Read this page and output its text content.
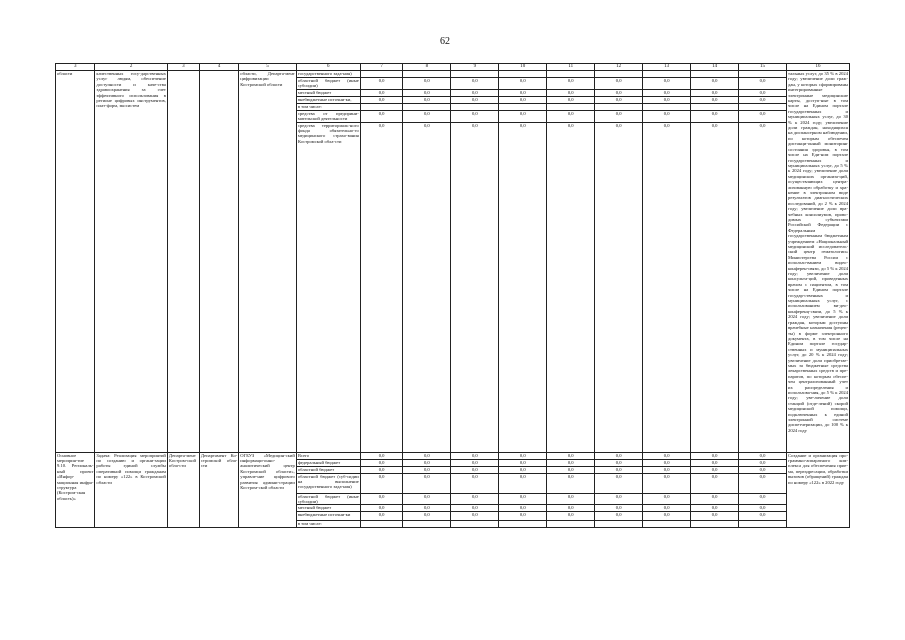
62
3	2	3	4	5	6	7	8	9	10	11	12	13	14	15	16
области	качественных госу-дарственных услуг людям, обеспечение доступности и каче-ства здравоохранения за счет эффективного использования в регионе цифровых инструментов, плат-форм, экосистем			области, Департа-мент цифровизации Костромской области	государственного зада-ния)										тальных услуг, до 35 % в 2024 году; увеличение доли граж-дан, у которых сформированы интегрированные электронные медицинские карты, доступ-ные в том числе на Едином портале государственных и муниципальных услуг, до 30 % к 2024 году; увеличение доли граждан, находящихся на диспансерном наблюдении, по которым обеспечен дистанци-онный мониторинг состояния здоровья, в том числе на Еди-ном портале государственных и муниципальных услуг, до 5 % к 2024 году; увеличение доли медицинских организа-ций, осуществляющих центра-лизованную обработку и хра-нение в электронном виде результатов диагностических исследований, до 2 % к 2024 году; увеличение доли вра-чебных консилиумов, прово-димых субъектами Российской Федерации с Федеральным государственным бюджетным учреждением «Национальный медицинский исследователь-ский центр гематологии» Министерства России с использо-ванием видео-конферен-связи, до 5 % к 2024 году; увеличение доли консульта-ций, проведенных врачом с пациентом, в том числе на Едином портале государ-ственных и муниципальных услуг, с использованием ви-део-конференц-связи, до 5 % к 2024 году; увеличение доли граждан, которым доступны врачебные назначения (рецеп-ты) в форме электронного документа, в том числе на Едином портале государ-ственных и муниципальных услуг, до 20 % к 2024 году; увеличение доли приобретае-мых за бюджетные средства лекарственных средств и пре-паратов, по которым обеспе-чен централизованный учет их распределения и использова-ния, до 5 % к 2024 году; уве-личение доли станций (отде-лений) скорой медицинской помощи, подключенных к единой электронной системе диспетчеризации, до 100 % к 2024 году
					областной бюджет (иные субсидии)	0,0	0,0	0,0	0,0	0,0	0,0	0,0	0,0	0,0	
					местный бюджет	0,0	0,0	0,0	0,0	0,0	0,0	0,0	0,0	0,0	
					внебюджетные источни-ки,	0,0	0,0	0,0	0,0	0,0	0,0	0,0	0,0	0,0	
					в том числе:										
					средства от предприни-мательской деятельности	0,0	0,0	0,0	0,0	0,0	0,0	0,0	0,0	0,0	
					средства территориаль-ного фонда обязательно-го медицинского страхо-вания Костромской обла-сти	0,0	0,0	0,0	0,0	0,0	0,0	0,0	0,0	0,0	
Основное мероприя-тие 9.10. Региональ-ный проект «Инфор-мационная инфра-структура (Костром-ская область)»	Задача: Реализация мероприятий по созданию и органи-зации работы единой службы оперативной помощи гражданам по номеру «122» в Костромской области	Департа-мент Костром-ской обла-сти	Департамент Ко-стромской обла-сти	ОГБУЗ «Медицин-ский информаци-онно-аналитический центр Костромской области», управле-ние цифрового развития админи-страции Костром-ской области	Всего	0,0	0,0	0,0	0,0	0,0	0,0	0,0	0,0	0,0	Создание и организация про-граммно-аппаратного ком-плекса для обеспечения прие-ма, переадресации, обработки вызовов (обращений) граждан по номеру «122» в 2022 году
					федеральный бюджет	0,0	0,0	0,0	0,0	0,0	0,0	0,0	0,0	0,0	
					областной бюджет	0,0	0,0	0,0	0,0	0,0	0,0	0,0	0,0	0,0	
					областной бюджет (суб-сидии на выполнение государственного зада-ния)	0,0	0,0	0,0	0,0	0,0	0,0	0,0	0,0	0,0	
					областной бюджет (иные субсидии)	0,0	0,0	0,0	0,0	0,0	0,0	0,0	0,0	0,0	
					местный бюджет	0,0	0,0	0,0	0,0	0,0	0,0	0,0	0,0	0,0	
					внебюджетные источни-ки	0,0	0,0	0,0	0,0	0,0	0,0	0,0	0,0	0,0	
					в том числе:										
